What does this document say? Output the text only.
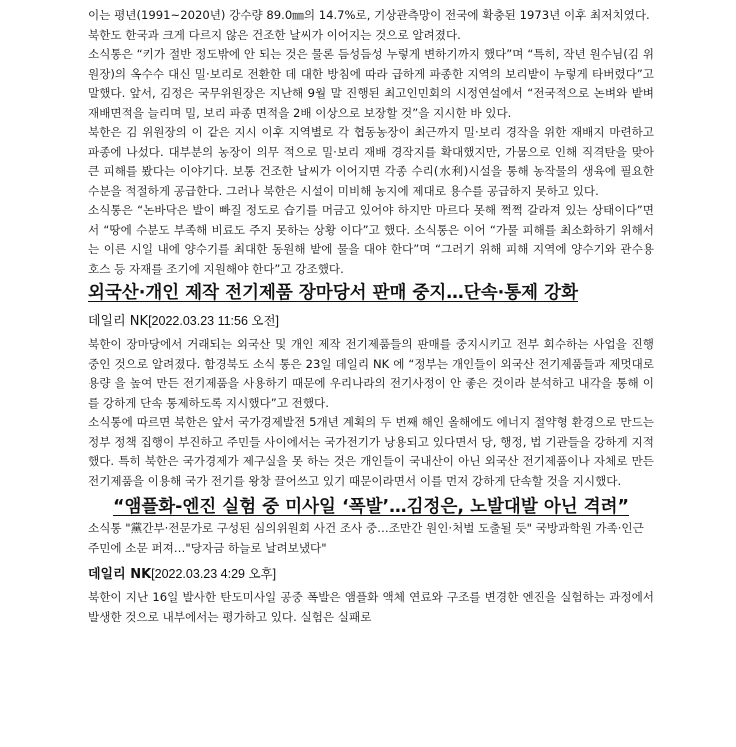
이는 평년(1991~2020년) 강수량 89.0㎜의 14.7%로, 기상관측망이 전국에 확충된 1973년 이후 최저치였다.

북한도 한국과 크게 다르지 않은 건조한 날씨가 이어지는 것으로 알려졌다.

소식통은 “키가 절반 정도밖에 안 되는 것은 물론 듬성듬성 누렇게 변하기까지 했다”며 “특히, 작년 원수님(김 위원장)의 옥수수 대신 밀·보리로 전환한 데 대한 방침에 따라 급하게 파종한 지역의 보리밭이 누렇게 타버렸다”고 말했다. 앞서, 김정은 국무위원장은 지난해 9월 말 진행된 최고인민회의 시정연설에서 “전국적으로 논벼와 밭벼 재배면적을 늘리며 밀, 보리 파종 면적을 2배 이상으로 보장할 것”을 지시한 바 있다.

북한은 김 위원장의 이 같은 지시 이후 지역별로 각 협동농장이 최근까지 밀·보리 경작을 위한 재배지 마련하고 파종에 나섰다. 대부분의 농장이 의무 적으로 밀·보리 재배 경작지를 확대했지만, 가뭄으로 인해 직격탄을 맞아 큰 피해를 봤다는 이야기다. 보통 건조한 날씨가 이어지면 각종 수리(水利)시설을 통해 농작물의 생육에 필요한 수분을 적절하게 공급한다. 그러나 북한은 시설이 미비해 농지에 제대로 용수를 공급하지 못하고 있다.

소식통은 “논바닥은 발이 빠질 정도로 습기를 머금고 있어야 하지만 마르다 못해 쩍쩍 갈라져 있는 상태이다”면서 “땅에 수분도 부족해 비료도 주지 못하는 상황 이다”고 했다. 소식통은 이어 “가물 피해를 최소화하기 위해서는 이른 시일 내에 양수기를 최대한 동원해 밭에 물을 대야 한다”며 “그러기 위해 피해 지역에 양수기와 관수용 호스 등 자재를 조기에 지원해야 한다”고 강조했다.

외국산·개인 제작 전기제품 장마당서 판매 중지…단속·통제 강화
데일리 NK[2022.03.23 11:56 오전]

북한이 장마당에서 거래되는 외국산 및 개인 제작 전기제품들의 판매를 중지시키고 전부 회수하는 사업을 진행 중인 것으로 알려졌다. 함경북도 소식 통은 23일 데일리 NK 에 “정부는 개인들이 외국산 전기제품들과 제멋대로 용량 을 높여 만든 전기제품을 사용하기 때문에 우리나라의 전기사정이 안 좋은 것이라 분석하고 내각을 통해 이를 강하게 단속 통제하도록 지시했다”고 전했다.

소식통에 따르면 북한은 앞서 국가경제발전 5개년 계획의 두 번째 해인 올해에도 에너지 절약형 환경으로 만드는 정부 정책 집행이 부진하고 주민들 사이에서는 국가전기가 낭용되고 있다면서 당, 행정, 법 기관들을 강하게 지적했다. 특히 북한은 국가경제가 제구실을 못 하는 것은 개인들이 국내산이 아닌 외국산 전기제품이나 자체로 만든 전기제품을 이용해 국가 전기를 왕창 끌어쓰고 있기 때문이라면서 이를 먼저 강하게 단속할 것을 지시했다.

“앰플화-엔진 실험 중 미사일 ‘폭발’…김정은, 노발대발 아닌 격려”

소식통 "黨간부·전문가로 구성된 심의위원회 사건 조사 중…조만간 원인·처벌 도출될 듯" 국방과학원 가족·인근 주민에 소문 퍼져…"당자금 하늘로 날려보냈다"

데일리 NK[2022.03.23 4:29 오후]

북한이 지난 16일 발사한 탄도미사일 공중 폭발은 앰플화 액체 연료와 구조를 변경한 엔진을 실험하는 과정에서 발생한 것으로 내부에서는 평가하고 있다. 실험은 실패로
